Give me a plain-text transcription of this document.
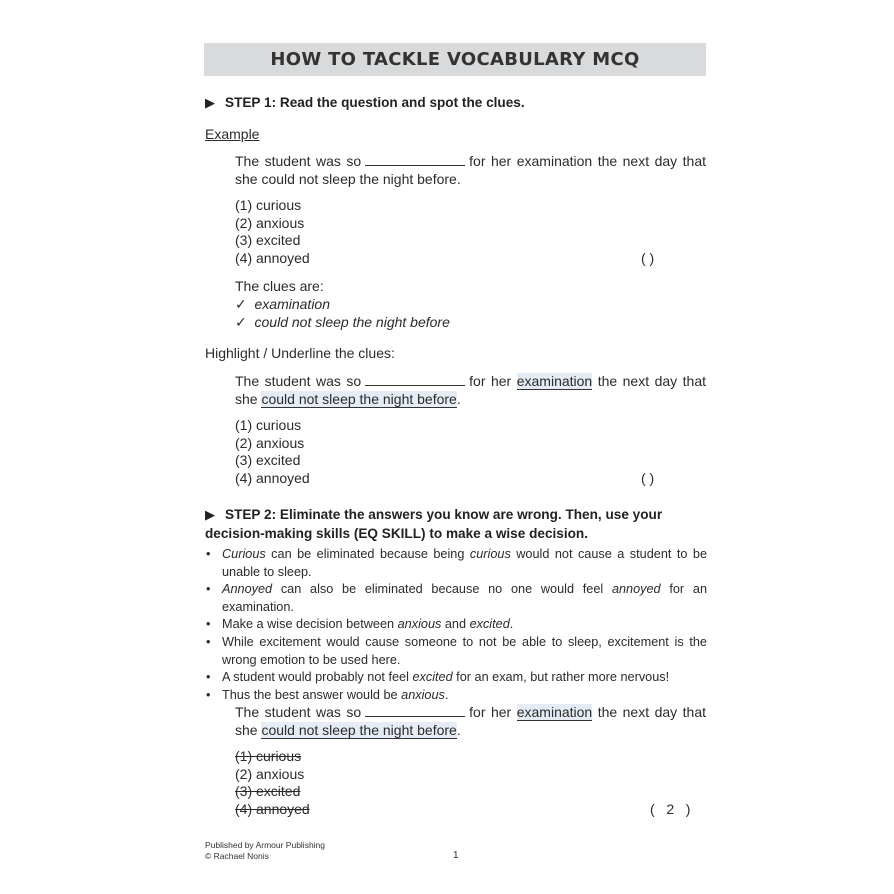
HOW TO TACKLE VOCABULARY MCQ
▶ STEP 1: Read the question and spot the clues.
Example
The student was so	for her examination the next day that she could not sleep the night before.
(1) curious
(2) anxious
(3) excited
(4) annoyed	( )
The clues are:
✓ examination
✓ could not sleep the night before
Highlight / Underline the clues:
The student was so	for her examination the next day that she could not sleep the night before.
(1) curious
(2) anxious
(3) excited
(4) annoyed	( )
▶ STEP 2: Eliminate the answers you know are wrong. Then, use your
decision-making skills (EQ SKILL) to make a wise decision.
• Curious can be eliminated because being curious would not cause a student to be unable to sleep.
• Annoyed can also be eliminated because no one would feel annoyed for an examination.
• Make a wise decision between anxious and excited.
• While excitement would cause someone to not be able to sleep, excitement is the wrong emotion to be used here.
• A student would probably not feel excited for an exam, but rather more nervous!
• Thus the best answer would be anxious.
The student was so	for her examination the next day that she could not sleep the night before.
(1) curious
(2) anxious
(3) excited
(4) annoyed	(   2   )
Published by Armour Publishing
© Rachael Nonis	1
